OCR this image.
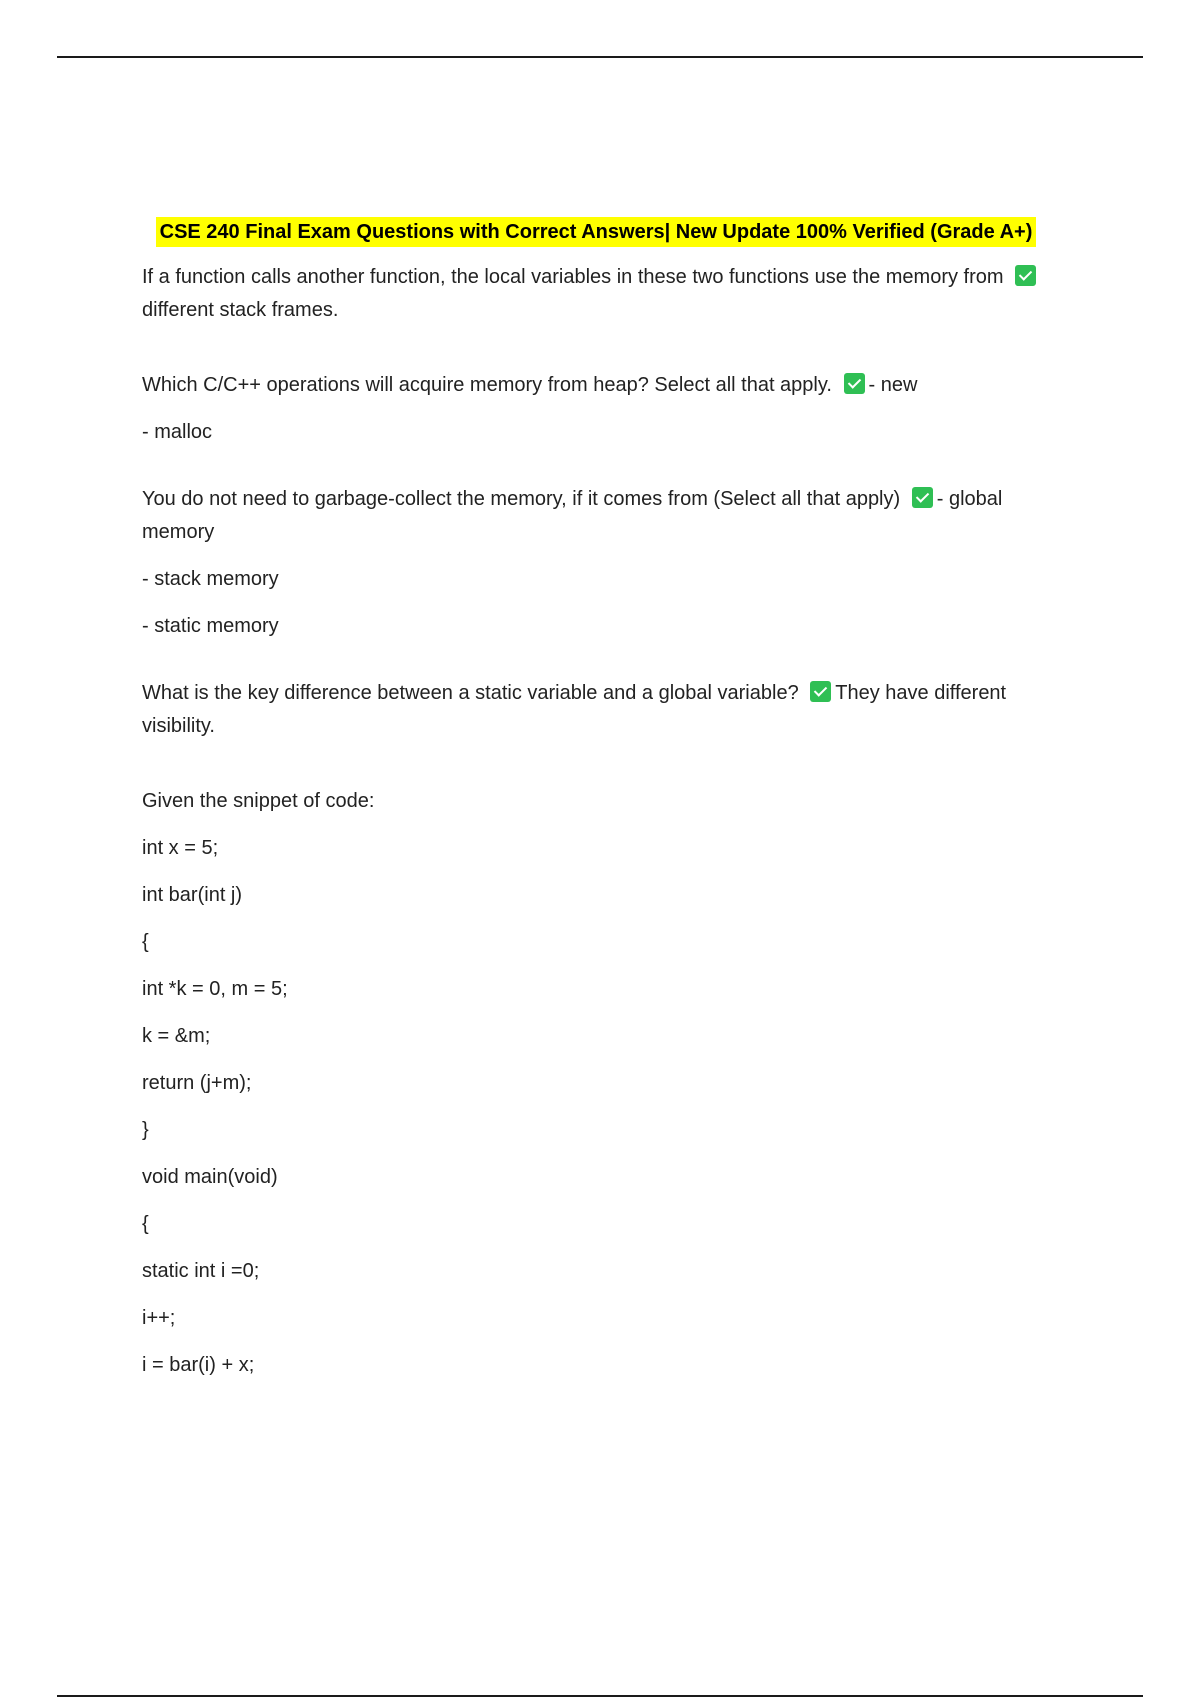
CSE 240 Final Exam Questions with Correct Answers| New Update 100% Verified (Grade A+)

If a function calls another function, the local variables in these two functions use the memory from different stack frames.

Which C/C++ operations will acquire memory from heap? Select all that apply. - new

- malloc

You do not need to garbage-collect the memory, if it comes from (Select all that apply) - global memory

- stack memory

- static memory

What is the key difference between a static variable and a global variable? They have different visibility.

Given the snippet of code:

int x = 5;

int bar(int j)

{

int *k = 0, m = 5;

k = &m;

return (j+m);

}

void main(void)

{

static int i =0;

i++;

i = bar(i) + x;
